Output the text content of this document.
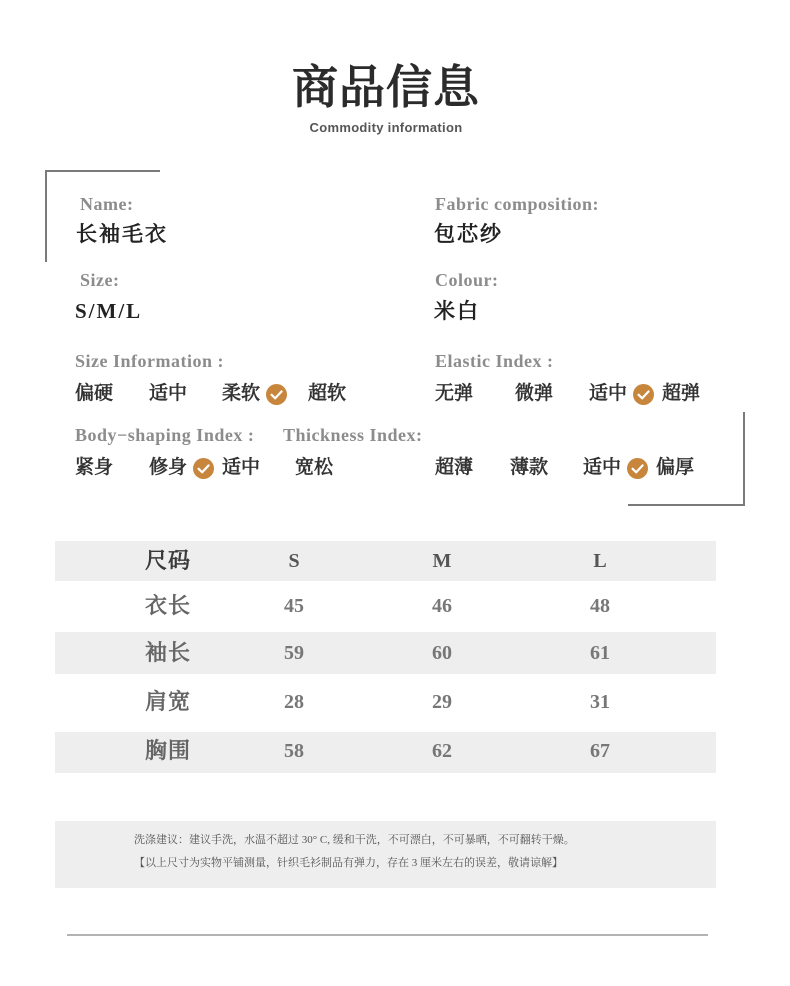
商品信息
Commodity information
Name:
长袖毛衣
Fabric composition:
包芯纱
Size:
S/M/L
Colour:
米白
Size Information :	Elastic Index :
Body−shaping Index : Thickness Index:
偏硬 适中 柔软	超软	无弹 微弹 适中 超弹
紧身 修身 适中 宽松	超薄 薄款 适中 偏厚
尺码	S	M	L
衣长	45	46	48
袖长	59	60	61
肩宽	28	29	31
胸围	58	62	67
洗涤建议：建议手洗，水温不超过 30° C, 缓和干洗，不可漂白，不可暴晒，不可翻转干燥。
【以上尺寸为实物平铺测量，针织毛衫制品有弹力，存在 3 厘米左右的误差，敬请谅解】
